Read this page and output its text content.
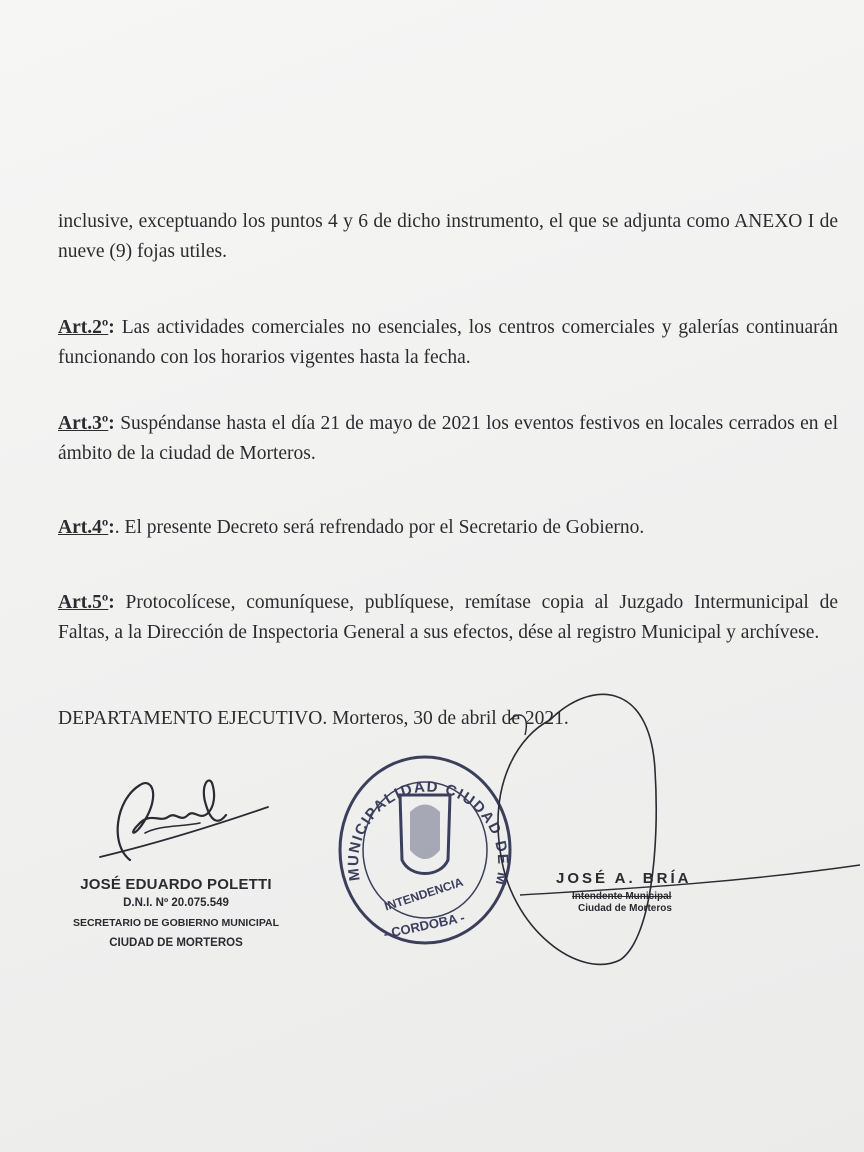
inclusive, exceptuando los puntos 4 y 6 de dicho instrumento, el que se adjunta como ANEXO I de nueve (9) fojas utiles.
Art.2º: Las actividades comerciales no esenciales, los centros comerciales y galerías continuarán funcionando con los horarios vigentes hasta la fecha.
Art.3º: Suspéndanse hasta el día 21 de mayo de 2021 los eventos festivos en locales cerrados en el ámbito de la ciudad de Morteros.
Art.4º:. El presente Decreto será refrendado por el Secretario de Gobierno.
Art.5º: Protocolícese, comuníquese, publíquese, remítase copia al Juzgado Intermunicipal de Faltas, a la Dirección de Inspectoria General a sus efectos, dése al registro Municipal y archívese.
DEPARTAMENTO EJECUTIVO. Morteros, 30 de abril de 2021.
JOSÉ EDUARDO POLETTI
D.N.I. Nº 20.075.549
SECRETARIO DE GOBIERNO MUNICIPAL
CIUDAD DE MORTEROS
MUNICIPALIDAD CIUDAD DE MORTEROS
INTENDENCIA
- CORDOBA -
JOSÉ A. BRÍA
Intendente Municipal
Ciudad de Morteros
